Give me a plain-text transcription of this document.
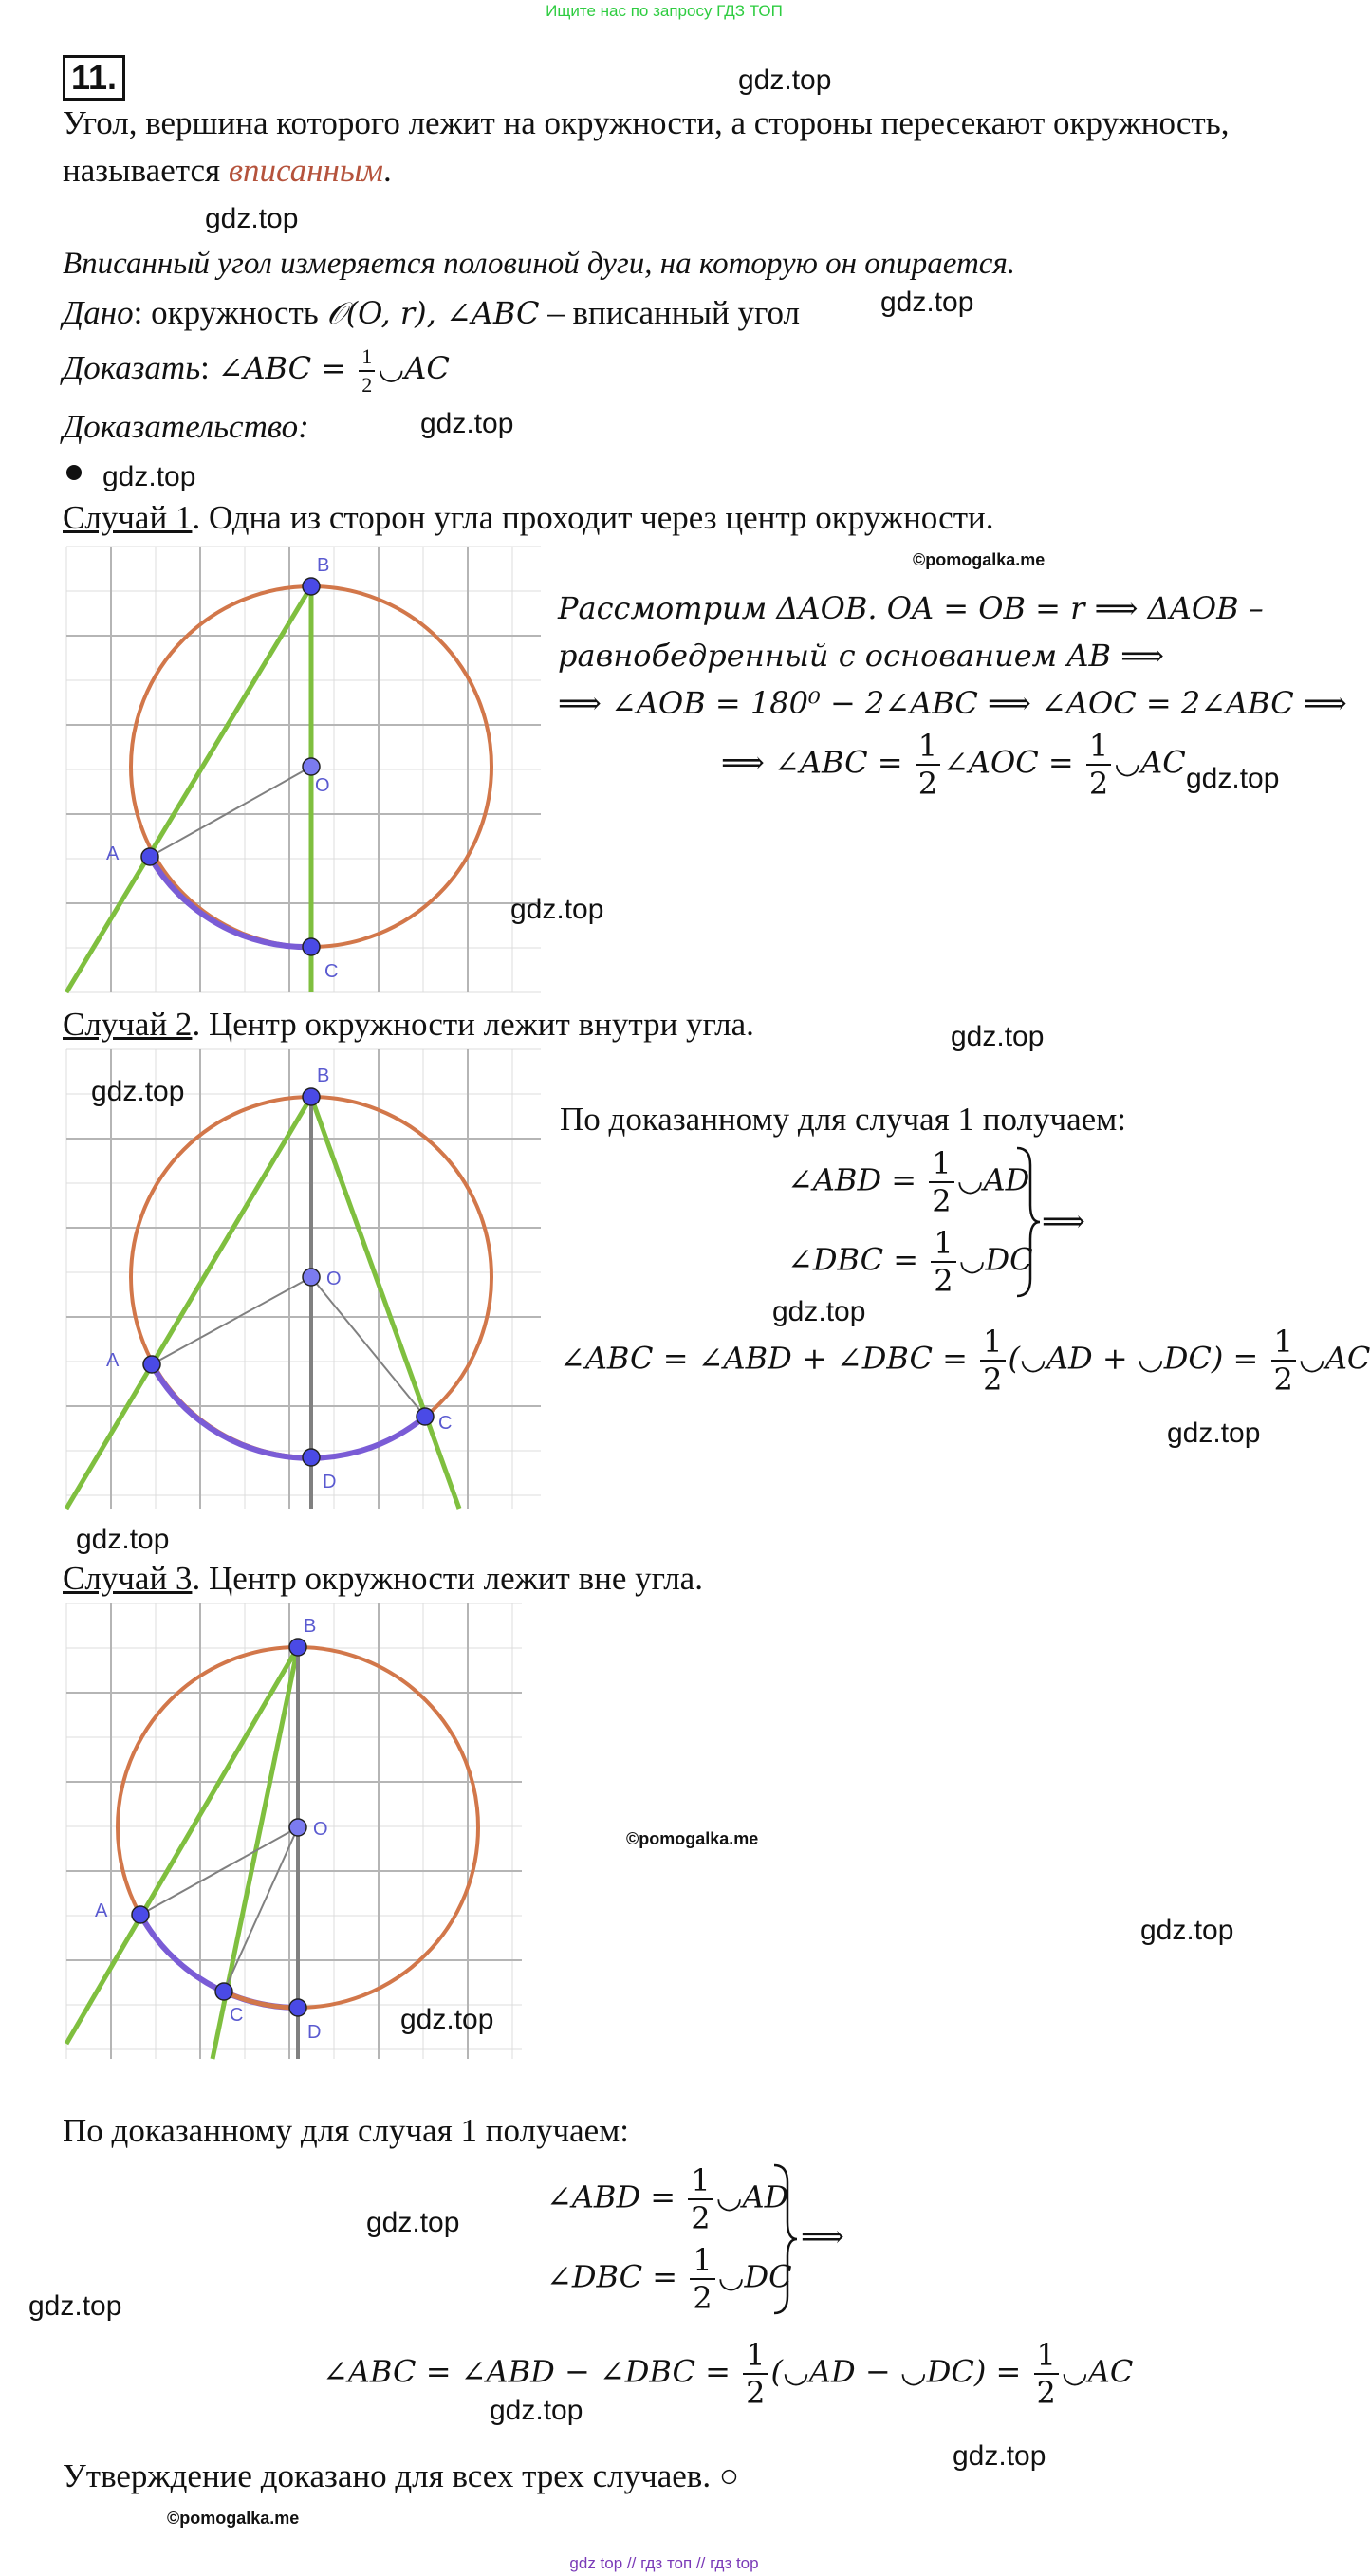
Ищите нас по запросу ГДЗ ТОП
11.	gdz.top
Угол, вершина которого лежит на окружности, а стороны пересекают окружность,
называется вписанным.
gdz.top
Вписанный угол измеряется половиной дуги, на которую он опирается.
Дано: окружность 𝒪(O, r), ∠ABC – вписанный угол	gdz.top
Доказать: ∠ABC = $\frac{1}{2}$ ◡AC
Доказательство:	gdz.top
gdz.top
Случай 1. Одна из сторон угла проходит через центр окружности.
©pomogalka.me
B
O
A
C
Рассмотрим ΔAOB. OA = OB = r ⟹ ΔAOB –
равнобедренный с основанием AB ⟹
⟹ ∠AOB = 180⁰ − 2∠ABC ⟹ ∠AOC = 2∠ABC ⟹
⟹ ∠ABC = $\frac{1}{2}$ ∠AOC = $\frac{1}{2}$ ◡AC gdz.top
gdz.top
Случай 2. Центр окружности лежит внутри угла.	gdz.top
B
O
A
C
D
gdz.top
По доказанному для случая 1 получаем:
∠ABD = $\frac{1}{2}$ ◡AD
∠DBC = $\frac{1}{2}$ ◡DC
⟹
gdz.top
∠ABC = ∠ABD + ∠DBC = $\frac{1}{2}$ (◡AD + ◡DC) = $\frac{1}{2}$ ◡AC
gdz.top
gdz.top
Случай 3. Центр окружности лежит вне угла.
B
O
A
C
D
©pomogalka.me
gdz.top
gdz.top
По доказанному для случая 1 получаем:
∠ABD = $\frac{1}{2}$ ◡AD
∠DBC = $\frac{1}{2}$ ◡DC
⟹
gdz.top
gdz.top
∠ABC = ∠ABD − ∠DBC = $\frac{1}{2}$ (◡AD − ◡DC) = $\frac{1}{2}$ ◡AC
gdz.top
gdz.top
Утверждение доказано для всех трех случаев. ○
©pomogalka.me
gdz top // гдз топ // гдз top
